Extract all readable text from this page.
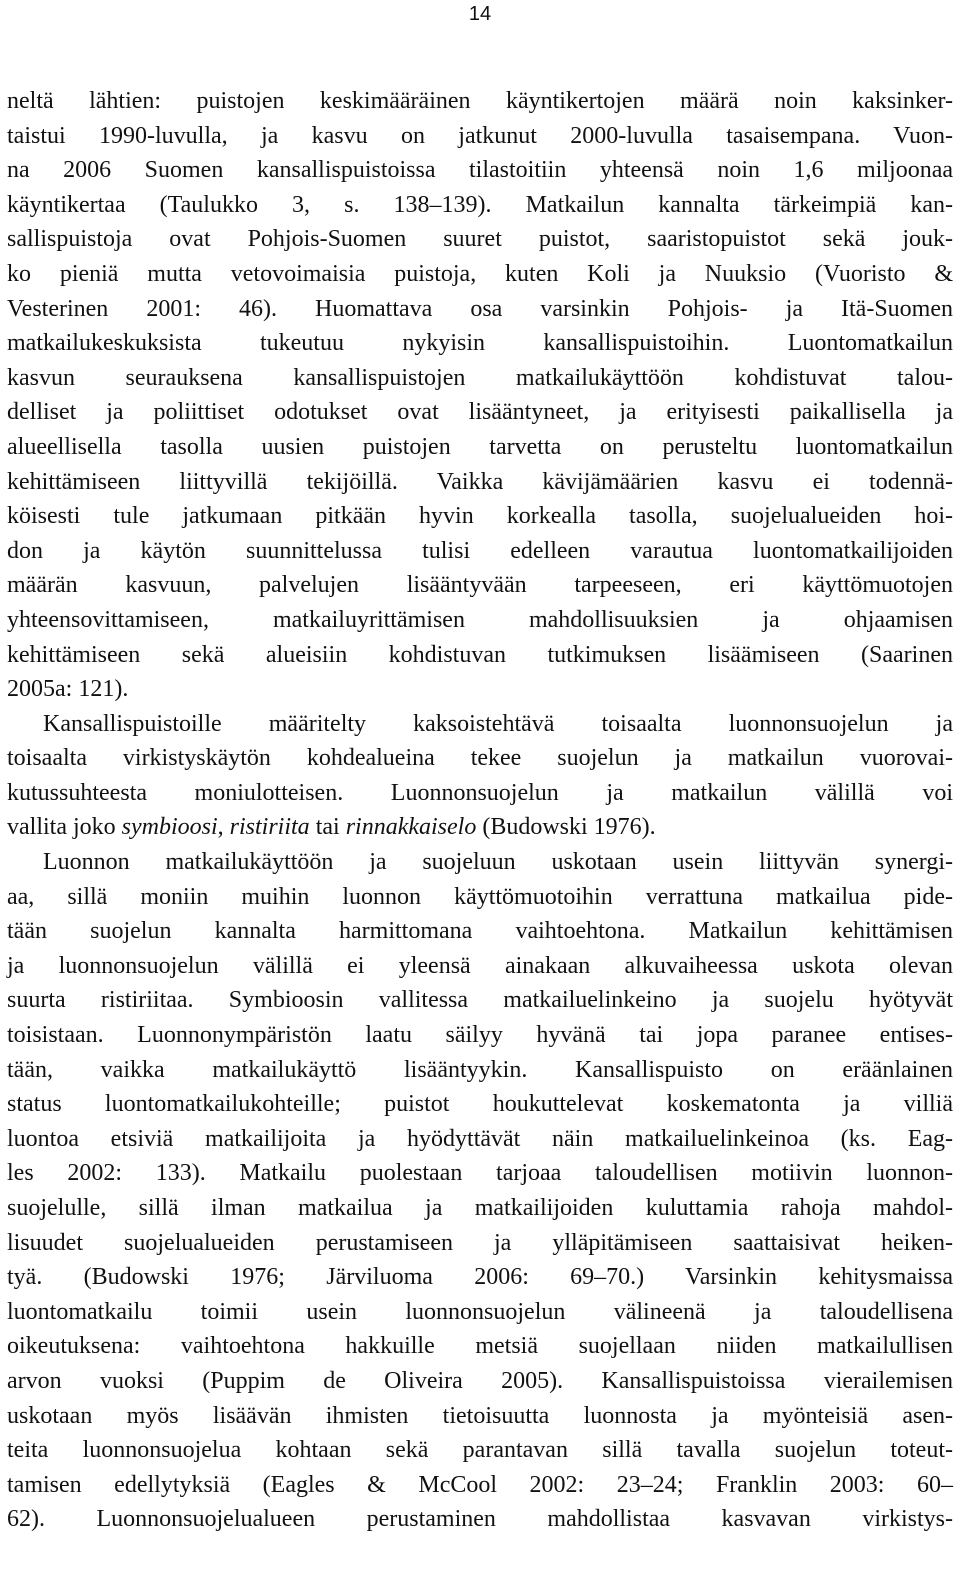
14
neltä lähtien: puistojen keskimääräinen käyntikertojen määrä noin kaksinker-
taistui 1990-luvulla, ja kasvu on jatkunut 2000-luvulla tasaisempana. Vuon-
na 2006 Suomen kansallispuistoissa tilastoitiin yhteensä noin 1,6 miljoonaa
käyntikertaa (Taulukko 3, s. 138–139). Matkailun kannalta tärkeimpiä kan-
sallispuistoja ovat Pohjois-Suomen suuret puistot, saaristopuistot sekä jouk-
ko pieniä mutta vetovoimaisia puistoja, kuten Koli ja Nuuksio (Vuoristo &
Vesterinen 2001: 46). Huomattava osa varsinkin Pohjois- ja Itä-Suomen
matkailukeskuksista tukeutuu nykyisin kansallispuistoihin. Luontomatkailun
kasvun seurauksena kansallispuistojen matkailukäyttöön kohdistuvat talou-
delliset ja poliittiset odotukset ovat lisääntyneet, ja erityisesti paikallisella ja
alueellisella tasolla uusien puistojen tarvetta on perusteltu luontomatkailun
kehittämiseen liittyvillä tekijöillä. Vaikka kävijämäärien kasvu ei todennä-
köisesti tule jatkumaan pitkään hyvin korkealla tasolla, suojelualueiden hoi-
don ja käytön suunnittelussa tulisi edelleen varautua luontomatkailijoiden
määrän kasvuun, palvelujen lisääntyvään tarpeeseen, eri käyttömuotojen
yhteensovittamiseen, matkailuyrittämisen mahdollisuuksien ja ohjaamisen
kehittämiseen sekä alueisiin kohdistuvan tutkimuksen lisäämiseen (Saarinen
2005a: 121).
Kansallispuistoille määritelty kaksoistehtävä toisaalta luonnonsuojelun ja
toisaalta virkistyskäytön kohdealueina tekee suojelun ja matkailun vuorovai-
kutussuhteesta moniulotteisen. Luonnonsuojelun ja matkailun välillä voi
vallita joko symbioosi, ristiriita tai rinnakkaiselo (Budowski 1976).
Luonnon matkailukäyttöön ja suojeluun uskotaan usein liittyvän synergi-
aa, sillä moniin muihin luonnon käyttömuotoihin verrattuna matkailua pide-
tään suojelun kannalta harmittomana vaihtoehtona. Matkailun kehittämisen
ja luonnonsuojelun välillä ei yleensä ainakaan alkuvaiheessa uskota olevan
suurta ristiriitaa. Symbioosin vallitessa matkailuelinkeino ja suojelu hyötyvät
toisistaan. Luonnonympäristön laatu säilyy hyvänä tai jopa paranee entises-
tään, vaikka matkailukäyttö lisääntyykin. Kansallispuisto on eräänlainen
status luontomatkailukohteille; puistot houkuttelevat koskematonta ja villiä
luontoa etsiviä matkailijoita ja hyödyttävät näin matkailuelinkeinoa (ks. Eag-
les 2002: 133). Matkailu puolestaan tarjoaa taloudellisen motiivin luonnon-
suojelulle, sillä ilman matkailua ja matkailijoiden kuluttamia rahoja mahdol-
lisuudet suojelualueiden perustamiseen ja ylläpitämiseen saattaisivat heiken-
tyä. (Budowski 1976; Järviluoma 2006: 69–70.) Varsinkin kehitysmaissa
luontomatkailu toimii usein luonnonsuojelun välineenä ja taloudellisena
oikeutuksena: vaihtoehtona hakkuille metsiä suojellaan niiden matkailullisen
arvon vuoksi (Puppim de Oliveira 2005). Kansallispuistoissa vierailemisen
uskotaan myös lisäävän ihmisten tietoisuutta luonnosta ja myönteisiä asen-
teita luonnonsuojelua kohtaan sekä parantavan sillä tavalla suojelun toteut-
tamisen edellytyksiä (Eagles & McCool 2002: 23–24; Franklin 2003: 60–
62). Luonnonsuojelualueen perustaminen mahdollistaa kasvavan virkistys-
